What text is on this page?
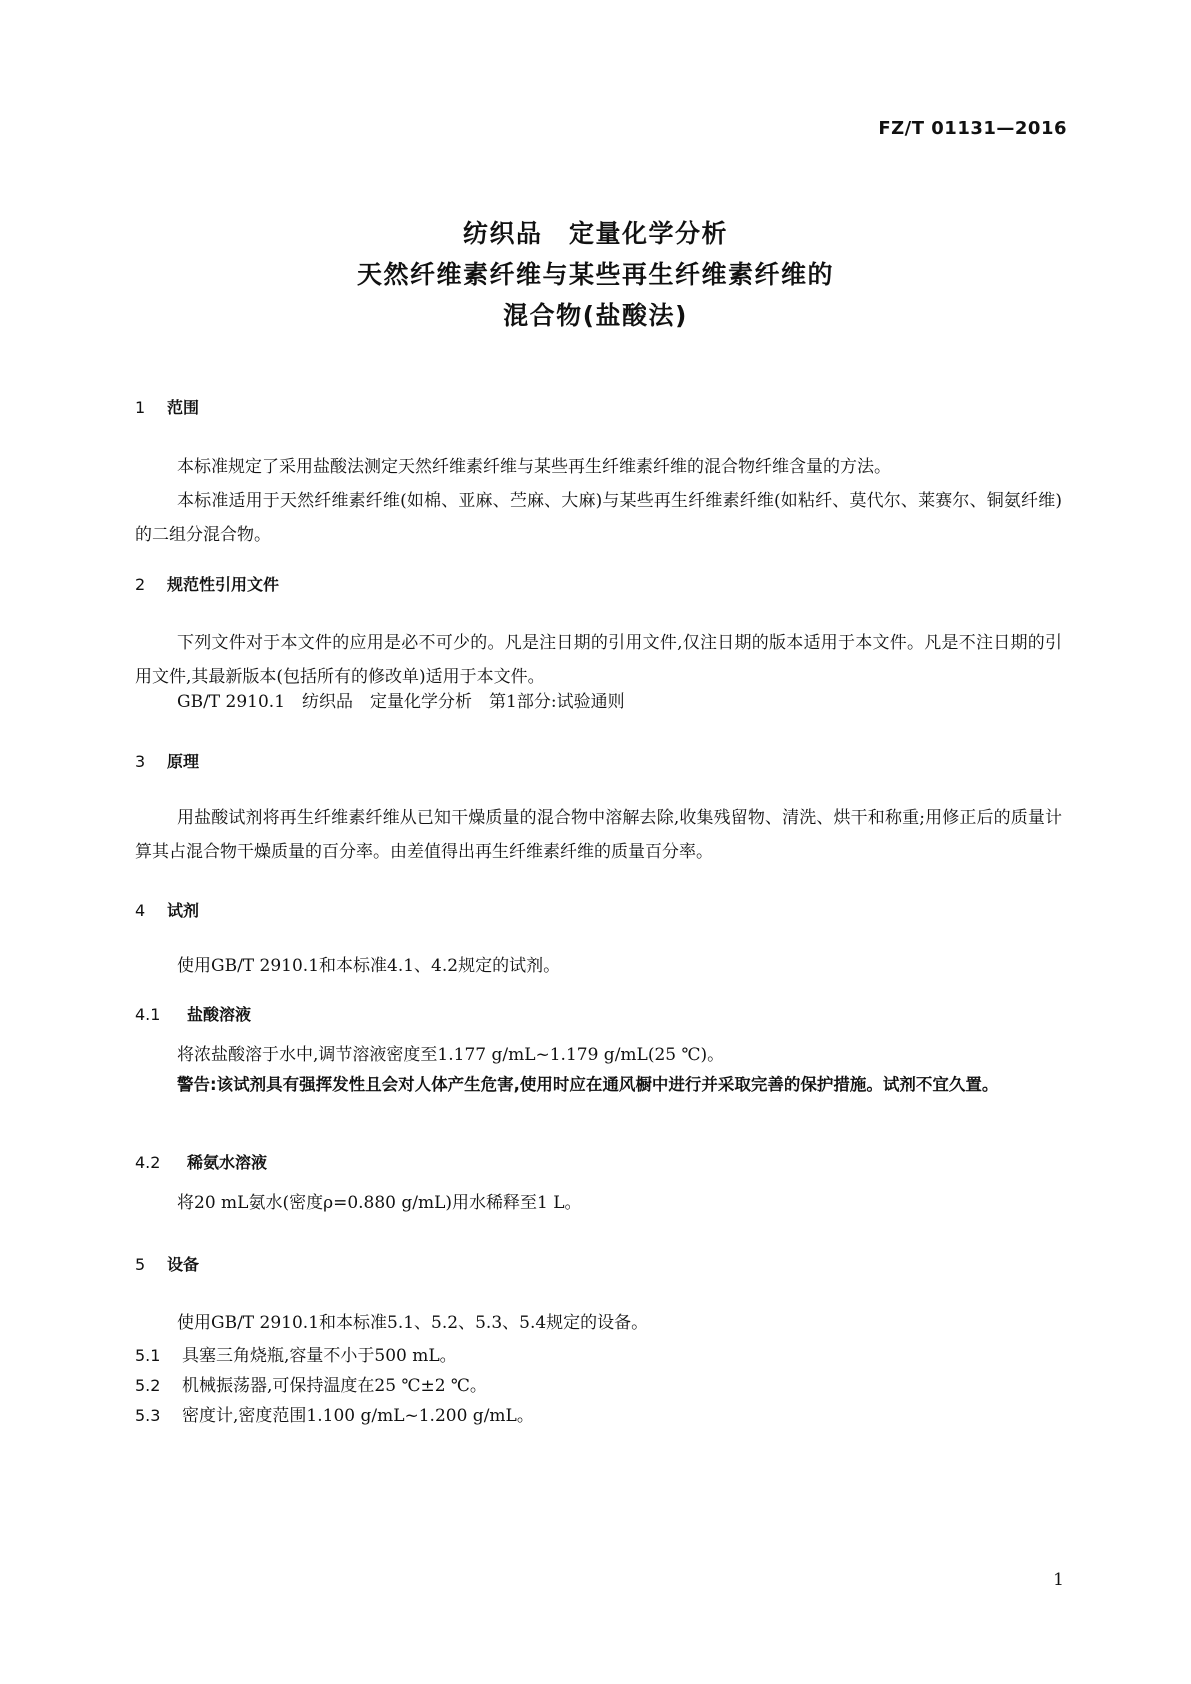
FZ/T 01131—2016
纺织品　定量化学分析
天然纤维素纤维与某些再生纤维素纤维的
混合物(盐酸法)
1 范围
本标准规定了采用盐酸法测定天然纤维素纤维与某些再生纤维素纤维的混合物纤维含量的方法。
本标准适用于天然纤维素纤维(如棉、亚麻、苎麻、大麻)与某些再生纤维素纤维(如粘纤、莫代尔、莱赛尔、铜氨纤维)的二组分混合物。
2 规范性引用文件
下列文件对于本文件的应用是必不可少的。凡是注日期的引用文件,仅注日期的版本适用于本文件。凡是不注日期的引用文件,其最新版本(包括所有的修改单)适用于本文件。
GB/T 2910.1　纺织品　定量化学分析　第1部分:试验通则
3 原理
用盐酸试剂将再生纤维素纤维从已知干燥质量的混合物中溶解去除,收集残留物、清洗、烘干和称重;用修正后的质量计算其占混合物干燥质量的百分率。由差值得出再生纤维素纤维的质量百分率。
4 试剂
使用GB/T 2910.1和本标准4.1、4.2规定的试剂。
4.1 盐酸溶液
将浓盐酸溶于水中,调节溶液密度至1.177 g/mL~1.179 g/mL(25 ℃)。
警告:该试剂具有强挥发性且会对人体产生危害,使用时应在通风橱中进行并采取完善的保护措施。试剂不宜久置。
4.2 稀氨水溶液
将20 mL氨水(密度ρ=0.880 g/mL)用水稀释至1 L。
5 设备
使用GB/T 2910.1和本标准5.1、5.2、5.3、5.4规定的设备。
5.1 具塞三角烧瓶,容量不小于500 mL。
5.2 机械振荡器,可保持温度在25 ℃±2 ℃。
5.3 密度计,密度范围1.100 g/mL~1.200 g/mL。
1
